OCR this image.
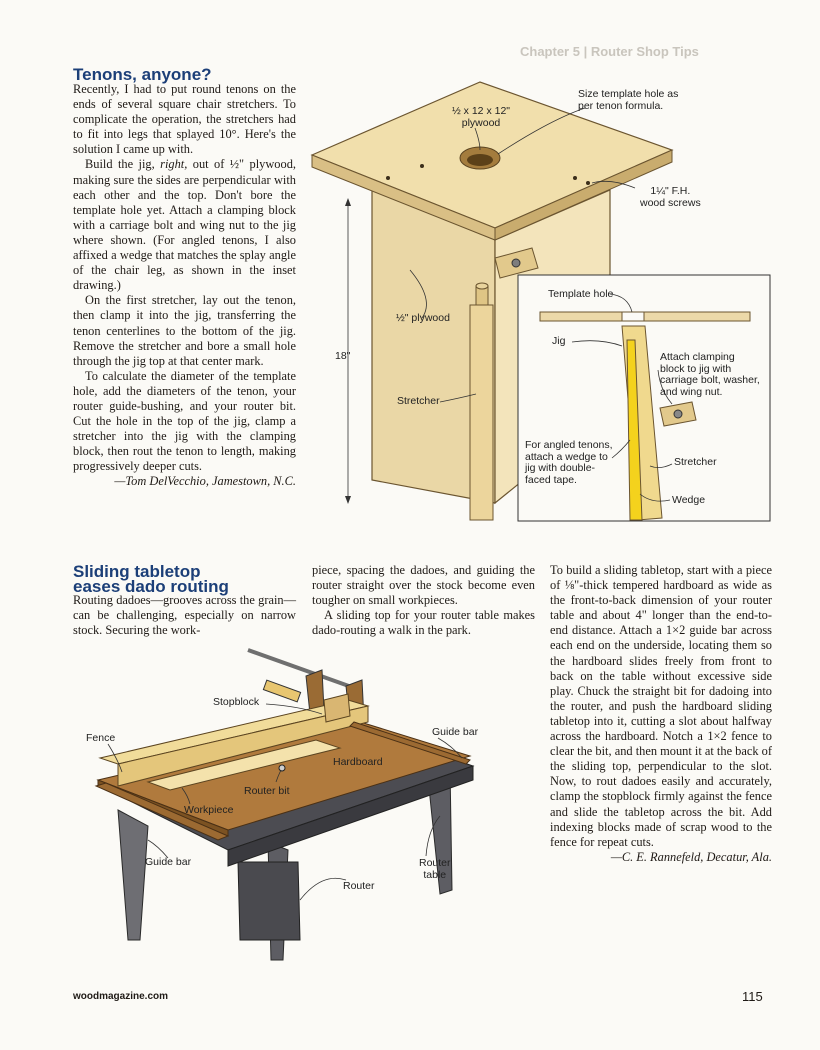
Chapter 5 | Router Shop Tips
Tenons, anyone?

Recently, I had to put round tenons on the ends of several square chair stretchers. To complicate the operation, the stretchers had to fit into legs that splayed 10°. Here's the solution I came up with.

Build the jig, right, out of ½" plywood, making sure the sides are perpendicular with each other and the top. Don't bore the template hole yet. Attach a clamping block with a carriage bolt and wing nut to the jig where shown. (For angled tenons, I also affixed a wedge that matches the splay angle of the chair leg, as shown in the inset drawing.)

On the first stretcher, lay out the tenon, then clamp it into the jig, transferring the tenon centerlines to the bottom of the jig. Remove the stretcher and bore a small hole through the jig top at that center mark.

To calculate the diameter of the template hole, add the diameters of the tenon, your router guide-bushing, and your router bit. Cut the hole in the top of the jig, clamp a stretcher into the jig with the clamping block, then rout the tenon to length, making progressively deeper cuts.

—Tom DelVecchio, Jamestown, N.C.

½ x 12 x 12"
plywood
Size template hole as
per tenon formula.
1¼" F.H.
wood screws
½" plywood
18"
Stretcher
Template hole
Jig
Attach clamping
block to jig with
carriage bolt, washer,
and wing nut.
For angled tenons,
attach a wedge to
jig with double-
faced tape.
Stretcher
Wedge
Sliding tabletop
eases dado routing

Routing dadoes—grooves across the grain—can be challenging, especially on narrow stock. Securing the work-

piece, spacing the dadoes, and guiding the router straight over the stock become even tougher on small workpieces.

A sliding top for your router table makes dado-routing a walk in the park.

To build a sliding tabletop, start with a piece of ⅛"-thick tempered hardboard as wide as the front-to-back dimension of your router table and about 4" longer than the end-to-end distance. Attach a 1×2 guide bar across each end on the underside, locating them so the hardboard slides freely from front to back on the table without excessive side play. Chuck the straight bit for dadoing into the router, and push the hardboard sliding tabletop into it, cutting a slot about halfway across the hardboard. Notch a 1×2 fence to clear the bit, and then mount it at the back of the sliding top, perpendicular to the slot. Now, to rout dadoes easily and accurately, clamp the stopblock firmly against the fence and slide the tabletop across the bit. Add indexing blocks made of scrap wood to the fence for repeat cuts.

—C. E. Rannefeld, Decatur, Ala.

Stopblock
Fence	Guide bar
Hardboard
Router bit
Workpiece
Guide bar	Router
table
Router
woodmagazine.com	115
